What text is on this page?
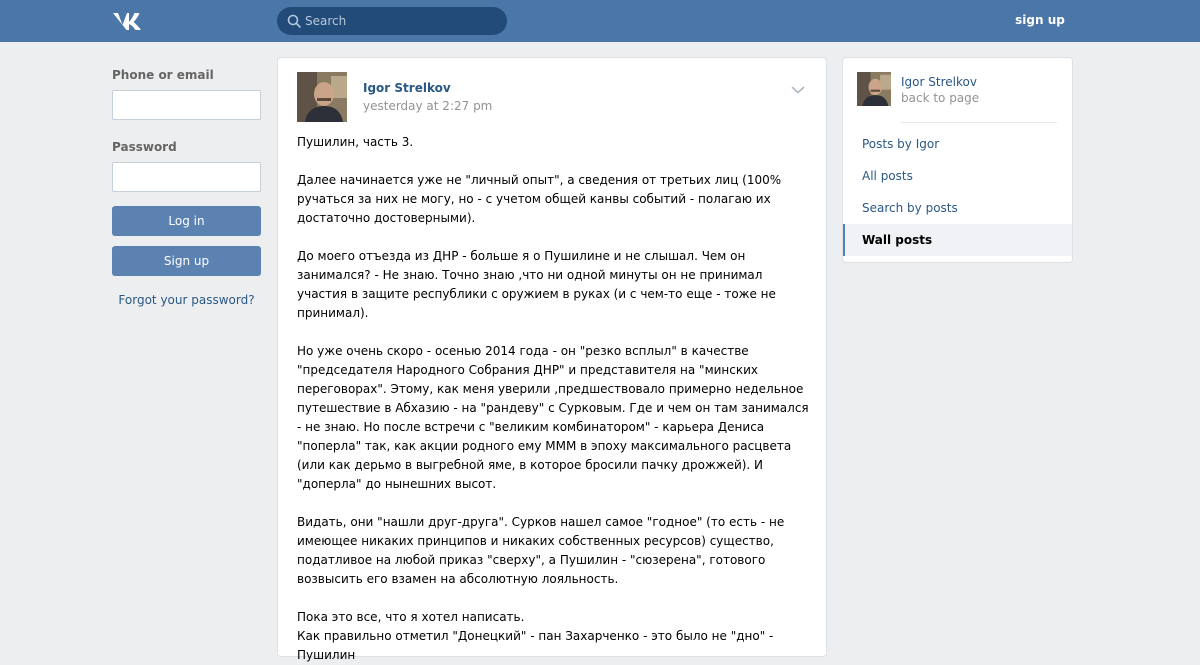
Search
sign up
Phone or email
Password
Log in
Sign up
Forgot your password?
Igor Strelkov
yesterday at 2:27 pm
Пушилин, часть 3.

Далее начинается уже не "личный опыт", а сведения от третьих лиц (100% ручаться за них не могу, но - с учетом общей канвы событий - полагаю их достаточно достоверными).

До моего отъезда из ДНР - больше я о Пушилине и не слышал. Чем он занимался? - Не знаю. Точно знаю ,что ни одной минуты он не принимал участия в защите республики с оружием в руках (и с чем-то еще - тоже не принимал).

Но уже очень скоро - осенью 2014 года - он "резко всплыл" в качестве "председателя Народного Собрания ДНР" и представителя на "минских переговорах". Этому, как меня уверили ,предшествовало примерно недельное путешествие в Абхазию - на "рандеву" с Сурковым. Где и чем он там занимался - не знаю. Но после встречи с "великим комбинатором" - карьера Дениса "поперла" так, как акции родного ему МММ в эпоху максимального расцвета (или как дерьмо в выгребной яме, в которое бросили пачку дрожжей). И "доперла" до нынешних высот.

Видать, они "нашли друг-друга". Сурков нашел самое "годное" (то есть - не имеющее никаких принципов и никаких собственных ресурсов) существо, податливое на любой приказ "сверху", а Пушилин - "сюзерена", готового возвысить его взамен на абсолютную лояльность.

Пока это все, что я хотел написать.
Как правильно отметил "Донецкий" - пан Захарченко - это было не "дно" - Пушилин
Igor Strelkov
back to page
Posts by Igor
All posts
Search by posts
Wall posts
